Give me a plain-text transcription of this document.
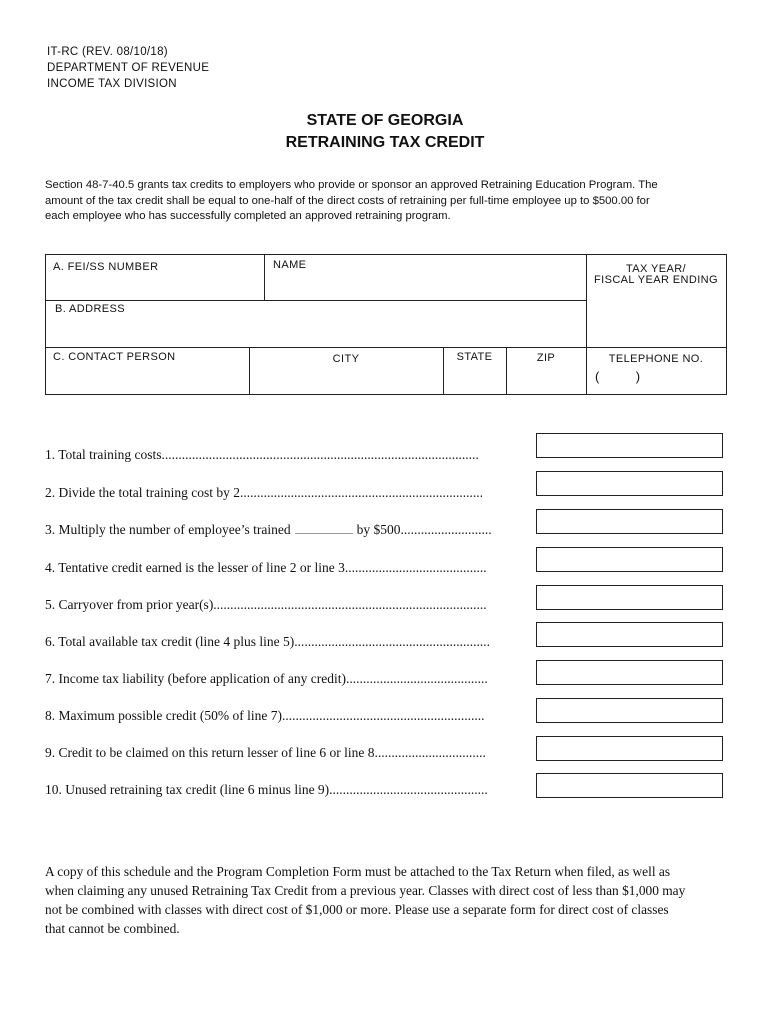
IT-RC (REV. 08/10/18)
DEPARTMENT OF REVENUE
INCOME TAX DIVISION
STATE OF GEORGIA
RETRAINING TAX CREDIT
Section 48-7-40.5 grants tax credits to employers who provide or sponsor an approved Retraining Education Program. The
amount of the tax credit shall be equal to one-half of the direct costs of retraining per full-time employee up to $500.00 for
each employee who has successfully completed an approved retraining program.
A. FEI/SS NUMBER	NAME	TAX YEAR/
FISCAL YEAR ENDING
B. ADDRESS
C. CONTACT PERSON	CITY	STATE	ZIP	TELEPHONE NO.
(	)
1. Total training costs..............................................................................................
2. Divide the total training cost by 2........................................................................
3. Multiply the number of employee’s trained	by $500...........................
4. Tentative credit earned is the lesser of line 2 or line 3..........................................
5. Carryover from prior year(s).................................................................................
6. Total available tax credit (line 4 plus line 5)..........................................................
7. Income tax liability (before application of any credit)..........................................
8. Maximum possible credit (50% of line 7)............................................................
9. Credit to be claimed on this return lesser of line 6 or line 8.................................
10. Unused retraining tax credit (line 6 minus line 9)...............................................
A copy of this schedule and the Program Completion Form must be attached to the Tax Return when filed, as well as
when claiming any unused Retraining Tax Credit from a previous year. Classes with direct cost of less than $1,000 may
not be combined with classes with direct cost of $1,000 or more. Please use a separate form for direct cost of classes
that cannot be combined.
